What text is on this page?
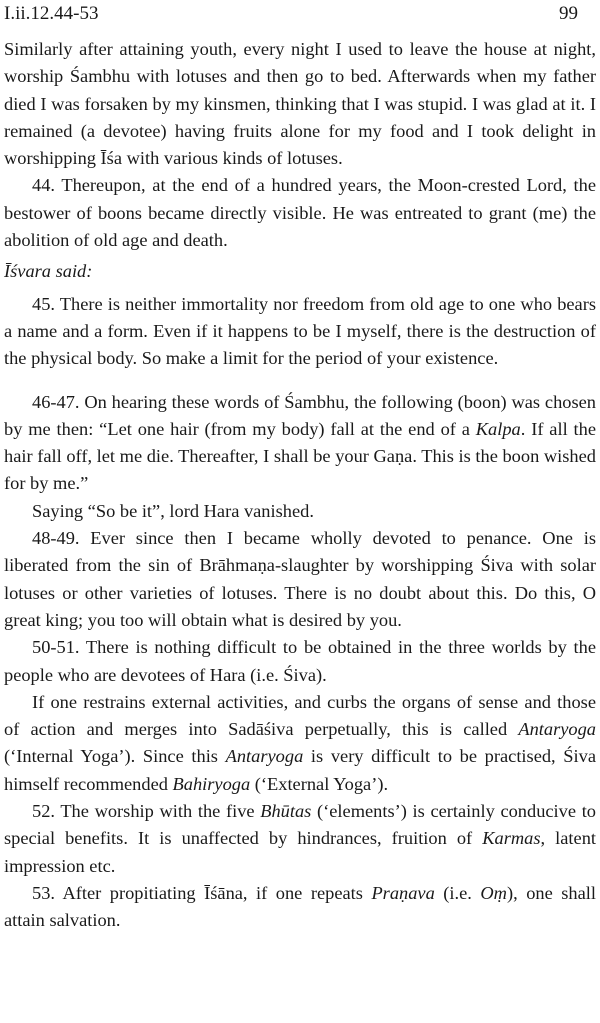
I.ii.12.44-53	99

Similarly after attaining youth, every night I used to leave the house at night, worship Śambhu with lotuses and then go to bed. Afterwards when my father died I was forsaken by my kinsmen, thinking that I was stupid. I was glad at it. I remained (a devotee) having fruits alone for my food and I took delight in worshipping Īśa with various kinds of lotuses.

44. Thereupon, at the end of a hundred years, the Moon-crested Lord, the bestower of boons became directly visible. He was entreated to grant (me) the abolition of old age and death.

Īśvara said:

45. There is neither immortality nor freedom from old age to one who bears a name and a form. Even if it happens to be I myself, there is the destruction of the physical body. So make a limit for the period of your existence.

46-47. On hearing these words of Śambhu, the following (boon) was chosen by me then: “Let one hair (from my body) fall at the end of a Kalpa. If all the hair fall off, let me die. Thereafter, I shall be your Gaṇa. This is the boon wished for by me.”

Saying “So be it”, lord Hara vanished.

48-49. Ever since then I became wholly devoted to penance. One is liberated from the sin of Brāhmaṇa-slaughter by worshipping Śiva with solar lotuses or other varieties of lotuses. There is no doubt about this. Do this, O great king; you too will obtain what is desired by you.

50-51. There is nothing difficult to be obtained in the three worlds by the people who are devotees of Hara (i.e. Śiva).

If one restrains external activities, and curbs the organs of sense and those of action and merges into Sadāśiva perpetually, this is called Antaryoga (‘Internal Yoga’). Since this Antaryoga is very difficult to be practised, Śiva himself recommended Bahiryoga (‘External Yoga’).

52. The worship with the five Bhūtas (‘elements’) is certainly conducive to special benefits. It is unaffected by hindrances, fruition of Karmas, latent impression etc.

53. After propitiating Īśāna, if one repeats Praṇava (i.e. Oṃ), one shall attain salvation.
